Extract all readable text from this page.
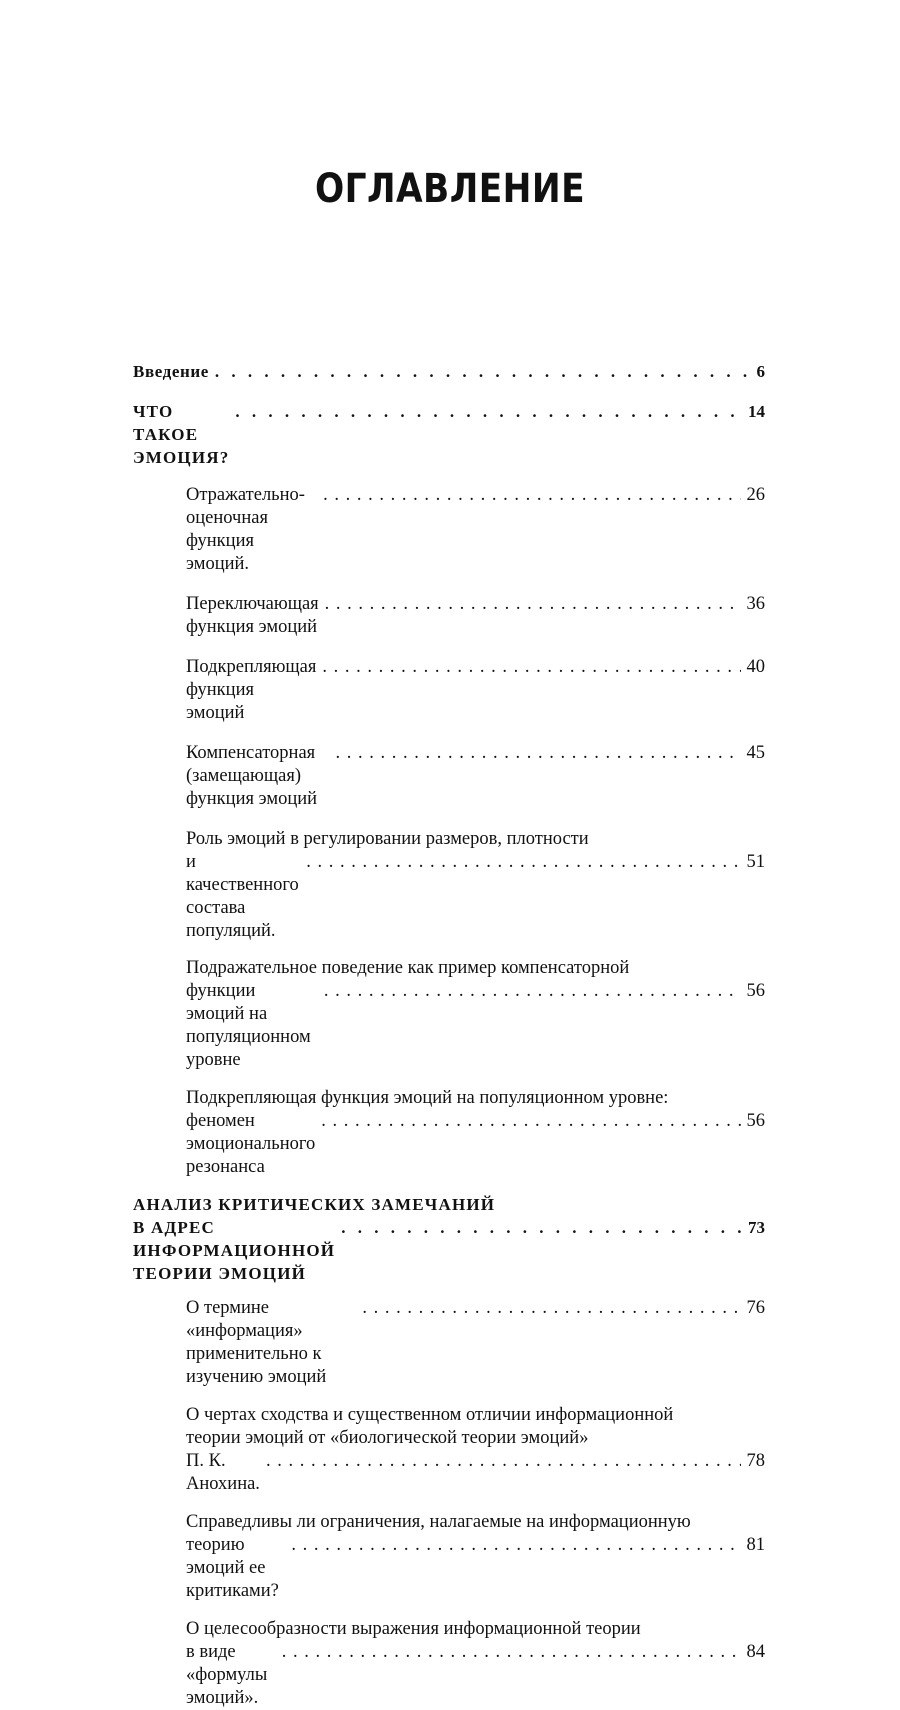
ОГЛАВЛЕНИЕ
Введение
. . .	6
ЧТО ТАКОЕ ЭМОЦИЯ?
. . .
14
Отражательно-оценочная функция эмоций.
. . .
26
Переключающая функция эмоций
. . .
36
Подкрепляющая функция эмоций
. . .
40
Компенсаторная (замещающая) функция эмоций
. . .
45
Роль эмоций в регулировании размеров, плотности
и качественного состава популяций.
. . .
51
Подражательное поведение как пример компенсаторной
функции эмоций на популяционном уровне
. . .
56
Подкрепляющая функция эмоций на популяционном уровне:
феномен эмоционального резонанса
. . .
56
АНАЛИЗ КРИТИЧЕСКИХ ЗАМЕЧАНИЙ
В АДРЕС ИНФОРМАЦИОННОЙ ТЕОРИИ ЭМОЦИЙ
. . .
73
О термине «информация» применительно к изучению эмоций
. . .
76
О чертах сходства и существенном отличии информационной
теории эмоций от «биологической теории эмоций»
П. К. Анохина.
. . .
78
Справедливы ли ограничения, налагаемые на информационную
теорию эмоций ее критиками?
. . .
81
О целесообразности выражения информационной теории
в виде «формулы эмоций».
. . .
84
